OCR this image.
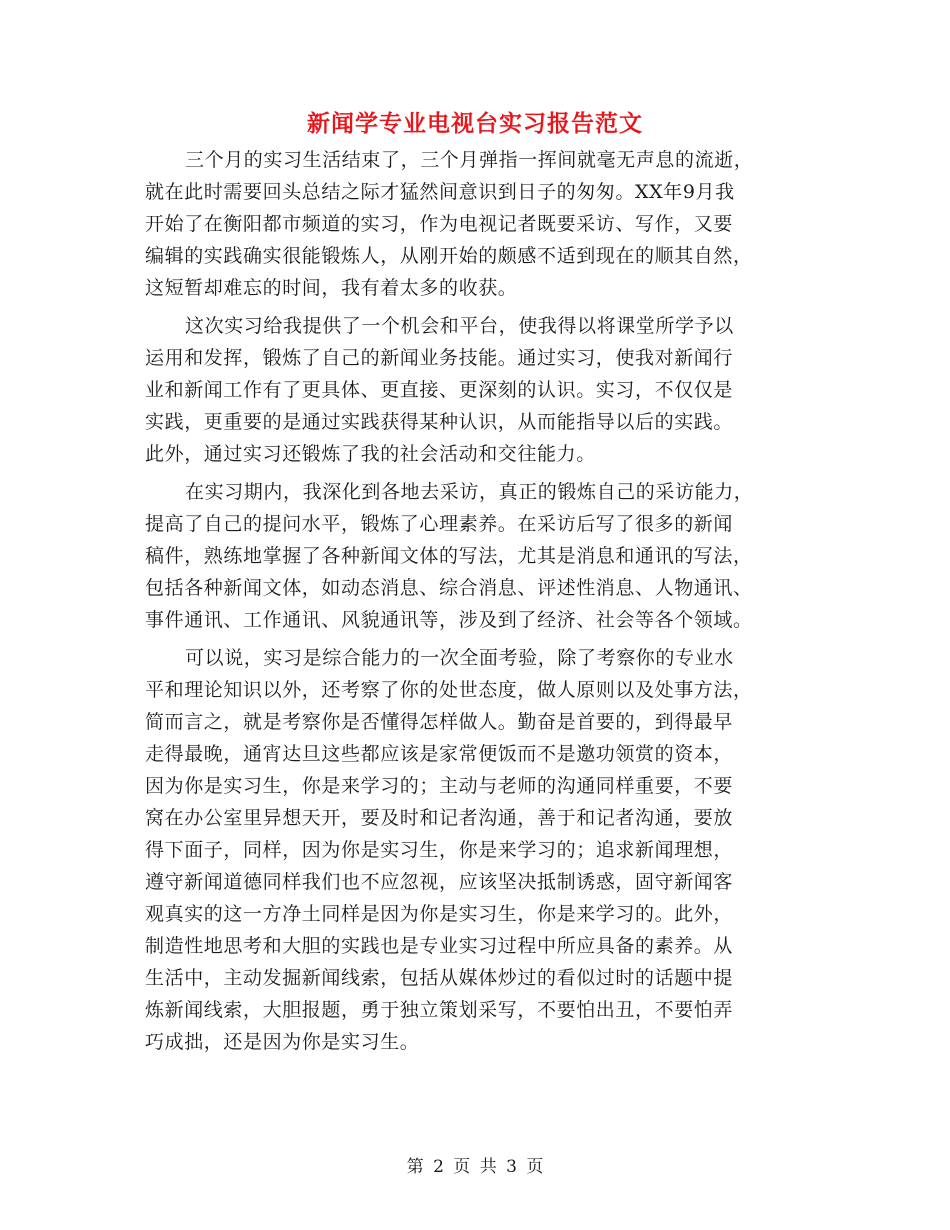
新闻学专业电视台实习报告范文

三个月的实习生活结束了，三个月弹指一挥间就毫无声息的流逝，
就在此时需要回头总结之际才猛然间意识到日子的匆匆。XX年9月我
开始了在衡阳都市频道的实习，作为电视记者既要采访、写作，又要
编辑的实践确实很能锻炼人，从刚开始的颇感不适到现在的顺其自然，
这短暂却难忘的时间，我有着太多的收获。

这次实习给我提供了一个机会和平台，使我得以将课堂所学予以
运用和发挥，锻炼了自己的新闻业务技能。通过实习，使我对新闻行
业和新闻工作有了更具体、更直接、更深刻的认识。实习，不仅仅是
实践，更重要的是通过实践获得某种认识，从而能指导以后的实践。
此外，通过实习还锻炼了我的社会活动和交往能力。

在实习期内，我深化到各地去采访，真正的锻炼自己的采访能力，
提高了自己的提问水平，锻炼了心理素养。在采访后写了很多的新闻
稿件，熟练地掌握了各种新闻文体的写法，尤其是消息和通讯的写法，
包括各种新闻文体，如动态消息、综合消息、评述性消息、人物通讯、
事件通讯、工作通讯、风貌通讯等，涉及到了经济、社会等各个领域。

可以说，实习是综合能力的一次全面考验，除了考察你的专业水
平和理论知识以外，还考察了你的处世态度，做人原则以及处事方法，
简而言之，就是考察你是否懂得怎样做人。勤奋是首要的，到得最早
走得最晚，通宵达旦这些都应该是家常便饭而不是邀功领赏的资本，
因为你是实习生，你是来学习的；主动与老师的沟通同样重要，不要
窝在办公室里异想天开，要及时和记者沟通，善于和记者沟通，要放
得下面子，同样，因为你是实习生，你是来学习的；追求新闻理想，
遵守新闻道德同样我们也不应忽视，应该坚决抵制诱惑，固守新闻客
观真实的这一方净土同样是因为你是实习生，你是来学习的。此外，
制造性地思考和大胆的实践也是专业实习过程中所应具备的素养。从
生活中，主动发掘新闻线索，包括从媒体炒过的看似过时的话题中提
炼新闻线索，大胆报题，勇于独立策划采写，不要怕出丑，不要怕弄
巧成拙，还是因为你是实习生。

第 2 页 共 3 页
